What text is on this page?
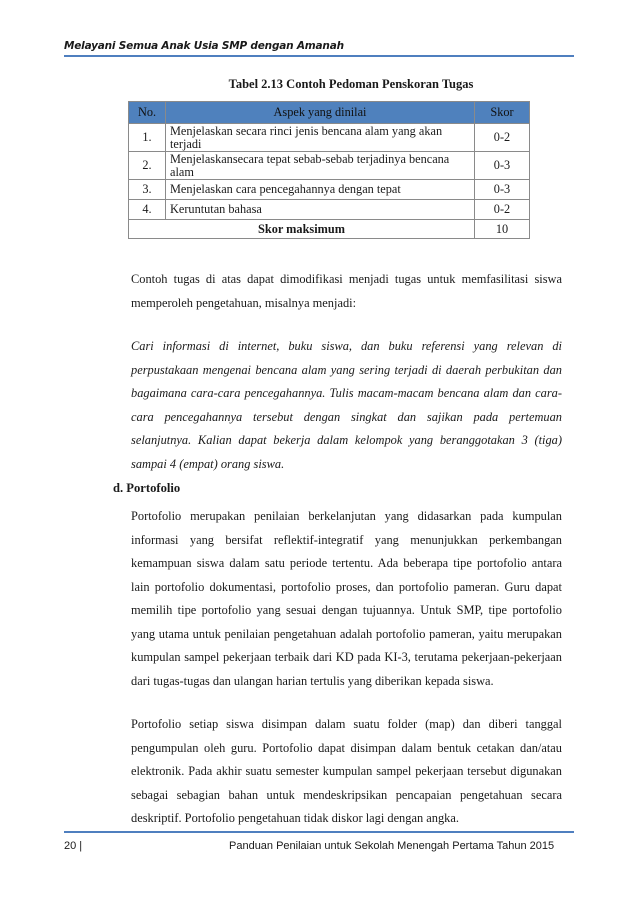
Melayani Semua Anak Usia SMP dengan Amanah
Tabel 2.13 Contoh Pedoman Penskoran Tugas
No.	Aspek yang dinilai	Skor
1.	Menjelaskan secara rinci jenis bencana alam yang akan terjadi	0-2
2.	Menjelaskansecara tepat sebab-sebab terjadinya bencana alam	0-3
3.	Menjelaskan cara pencegahannya dengan tepat	0-3
4.	Keruntutan bahasa	0-2
Skor maksimum		10
Contoh tugas di atas dapat dimodifikasi menjadi tugas untuk memfasilitasi siswa memperoleh pengetahuan, misalnya menjadi:
Cari informasi di internet, buku siswa, dan buku referensi yang relevan di perpustakaan mengenai bencana alam yang sering terjadi di daerah perbukitan dan bagaimana cara-cara pencegahannya. Tulis macam-macam bencana alam dan cara-cara pencegahannya tersebut dengan singkat dan sajikan pada pertemuan selanjutnya. Kalian dapat bekerja dalam kelompok yang beranggotakan 3 (tiga) sampai 4 (empat) orang siswa.
d. Portofolio
Portofolio merupakan penilaian berkelanjutan yang didasarkan pada kumpulan informasi yang bersifat reflektif-integratif yang menunjukkan perkembangan kemampuan siswa dalam satu periode tertentu. Ada beberapa tipe portofolio antara lain portofolio dokumentasi, portofolio proses, dan portofolio pameran. Guru dapat memilih tipe portofolio yang sesuai dengan tujuannya. Untuk SMP, tipe portofolio yang utama untuk penilaian pengetahuan adalah portofolio pameran, yaitu merupakan kumpulan sampel pekerjaan terbaik dari KD pada KI-3, terutama pekerjaan-pekerjaan dari tugas-tugas dan ulangan harian tertulis yang diberikan kepada siswa.
Portofolio setiap siswa disimpan dalam suatu folder (map) dan diberi tanggal pengumpulan oleh guru. Portofolio dapat disimpan dalam bentuk cetakan dan/atau elektronik. Pada akhir suatu semester kumpulan sampel pekerjaan tersebut digunakan sebagai sebagian bahan untuk mendeskripsikan pencapaian pengetahuan secara deskriptif. Portofolio pengetahuan tidak diskor lagi dengan angka.
20 |	Panduan Penilaian untuk Sekolah Menengah Pertama Tahun 2015
